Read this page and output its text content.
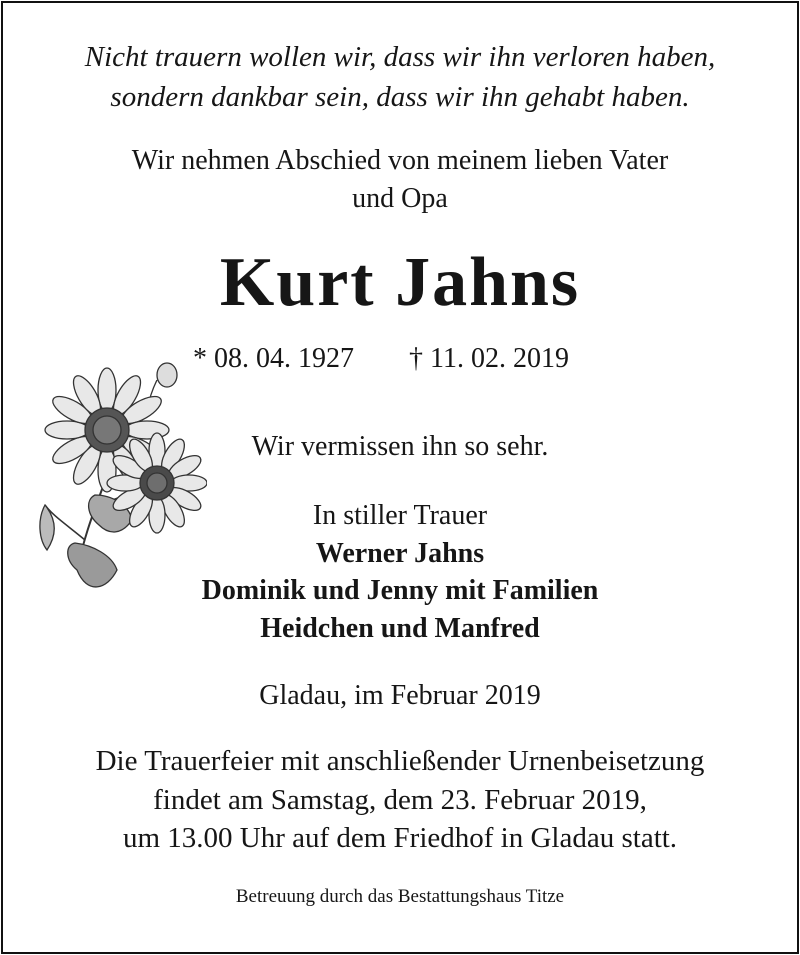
Nicht trauern wollen wir, dass wir ihn verloren haben,
sondern dankbar sein, dass wir ihn gehabt haben.
Wir nehmen Abschied von meinem lieben Vater
und Opa
Kurt Jahns
* 08. 04. 1927 † 11. 02. 2019
Wir vermissen ihn so sehr.
In stiller Trauer
Werner Jahns
Dominik und Jenny mit Familien
Heidchen und Manfred
Gladau, im Februar 2019
Die Trauerfeier mit anschließender Urnenbeisetzung
findet am Samstag, dem 23. Februar 2019,
um 13.00 Uhr auf dem Friedhof in Gladau statt.
Betreuung durch das Bestattungshaus Titze
